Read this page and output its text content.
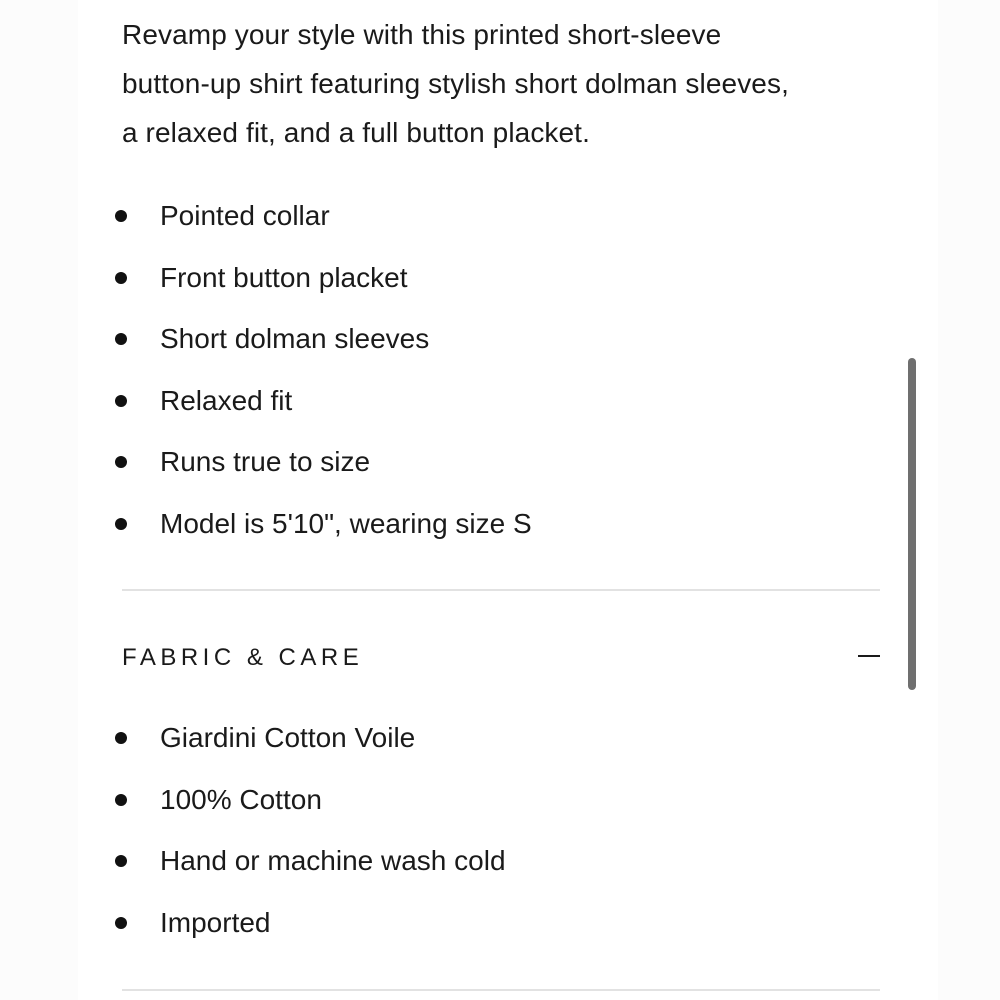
Revamp your style with this printed short-sleeve button-up shirt featuring stylish short dolman sleeves, a relaxed fit, and a full button placket.

Pointed collar
Front button placket
Short dolman sleeves
Relaxed fit
Runs true to size
Model is 5'10", wearing size S
FABRIC & CARE
Giardini Cotton Voile
100% Cotton
Hand or machine wash cold
Imported
